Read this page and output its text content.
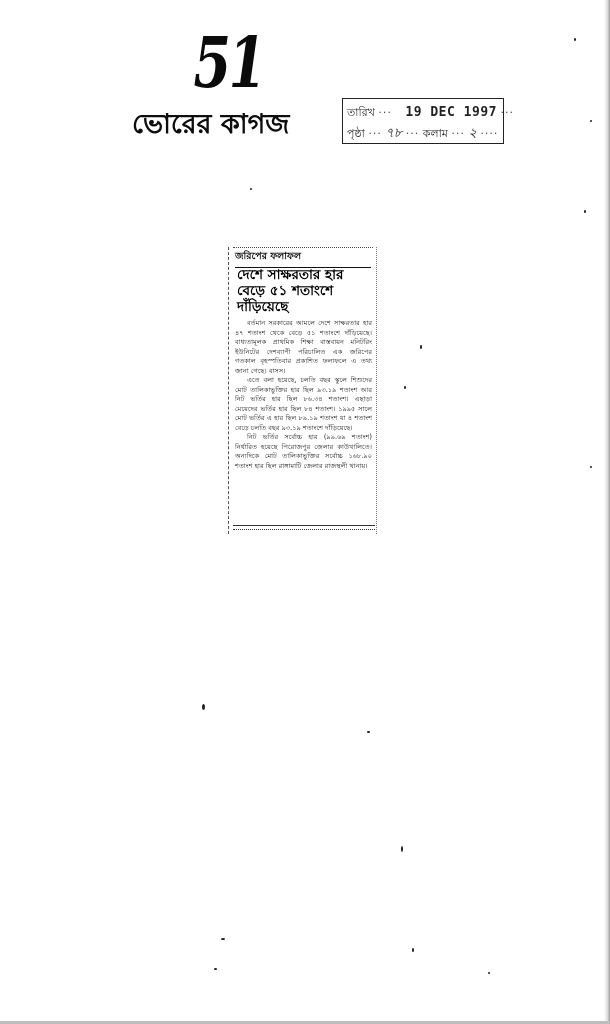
51
ভোরের কাগজ	তারিখ ··· 19 DEC 1997 ···
পৃষ্ঠা ··· ৭৮ ··· কলাম ··· ২ ····
জরিপের ফলাফল
দেশে সাক্ষরতার হার বেড়ে ৫১ শতাংশে দাঁড়িয়েছে

বর্তমান সরকারের আমলে দেশে সাক্ষরতার হার ৪৭ শতাংশ থেকে বেড়ে ৫১ শতাংশে দাঁড়িয়েছে। বাধ্যতামূলক প্রাথমিক শিক্ষা বাস্তবায়ন মনিটরিং ইউনিটের দেশব্যাপী পরিচালিত এক জরিপের গতকাল বৃহস্পতিবার প্রকাশিত ফলাফলে এ তথ্য জানা গেছে। বাসস।

এতে বলা হয়েছে, চলতি বছর স্কুলে শিশুদের মোট তালিকাভুক্তির হার ছিল ৯৩.১৯ শতাংশ আর নিট ভর্তির হার ছিল ৮৬.৩৪ শতাংশ। এছাড়া মেয়েদের ভর্তির হার ছিল ৮৪ শতাংশ। ১৯৯৫ সালে মোট ভর্তির এ হার ছিল ৮৯.১৯ শতাংশ যা ৪ শতাংশ বেড়ে চলতি বছর ৯৩.১৯ শতাংশে দাঁড়িয়েছে।

নিট ভর্তির সর্বোচ্চ হার (৯৯.৬৯ শতাংশ) নির্ধারিত হয়েছে পিরোজপুর জেলার কাউখালিতে। অন্যদিকে মোট তালিকাভুক্তির সর্বোচ্চ ১৬৮.৯০ শতাংশ হার ছিল রাঙ্গামাটি জেলার রাজস্থলী থানায়।
